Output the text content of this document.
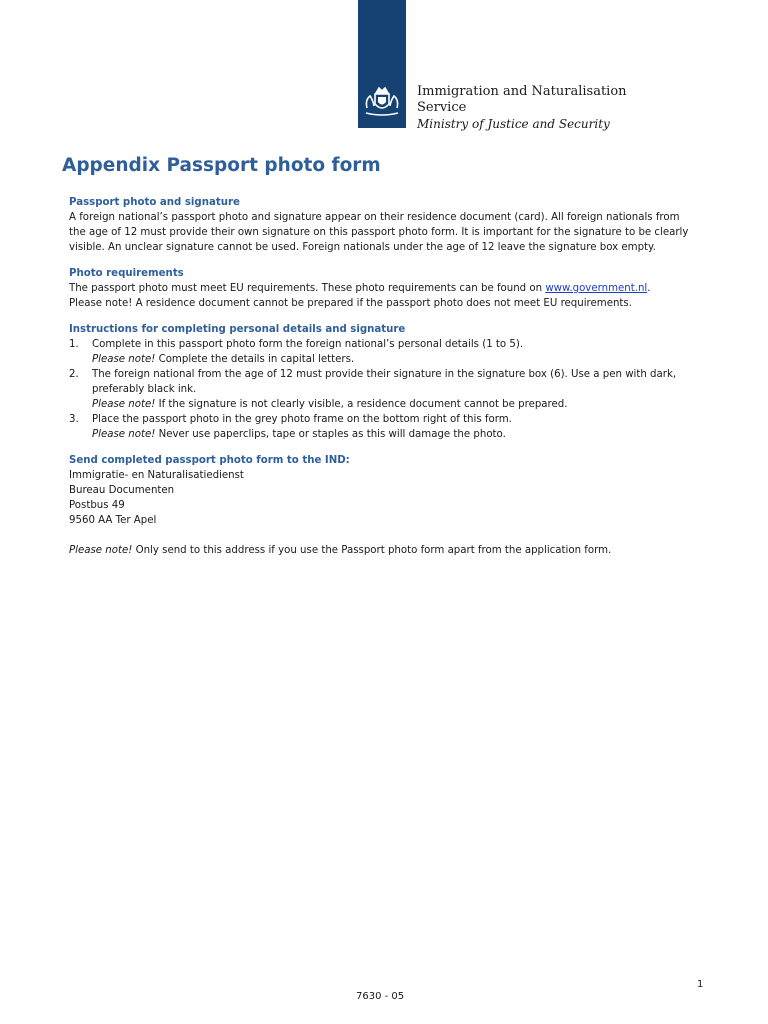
Immigration and Naturalisation
Service
Ministry of Justice and Security
Appendix Passport photo form

Passport photo and signature

A foreign national’s passport photo and signature appear on their residence document (card). All foreign nationals from the age of 12 must provide their own signature on this passport photo form. It is important for the signature to be clearly visible. An unclear signature cannot be used. Foreign nationals under the age of 12 leave the signature box empty.

Photo requirements

The passport photo must meet EU requirements. These photo requirements can be found on www.government.nl.

Please note! A residence document cannot be prepared if the passport photo does not meet EU requirements.

Instructions for completing personal details and signature

1. Complete in this passport photo form the foreign national’s personal details (1 to 5).
Please note! Complete the details in capital letters.
2. The foreign national from the age of 12 must provide their signature in the signature box (6). Use a pen with dark, preferably black ink.
Please note! If the signature is not clearly visible, a residence document cannot be prepared.
3. Place the passport photo in the grey photo frame on the bottom right of this form.
Please note! Never use paperclips, tape or staples as this will damage the photo.

Send completed passport photo form to the IND:

Immigratie- en Naturalisatiedienst

Bureau Documenten

Postbus 49

9560 AA Ter Apel

Please note! Only send to this address if you use the Passport photo form apart from the application form.

1
7630 - 05
